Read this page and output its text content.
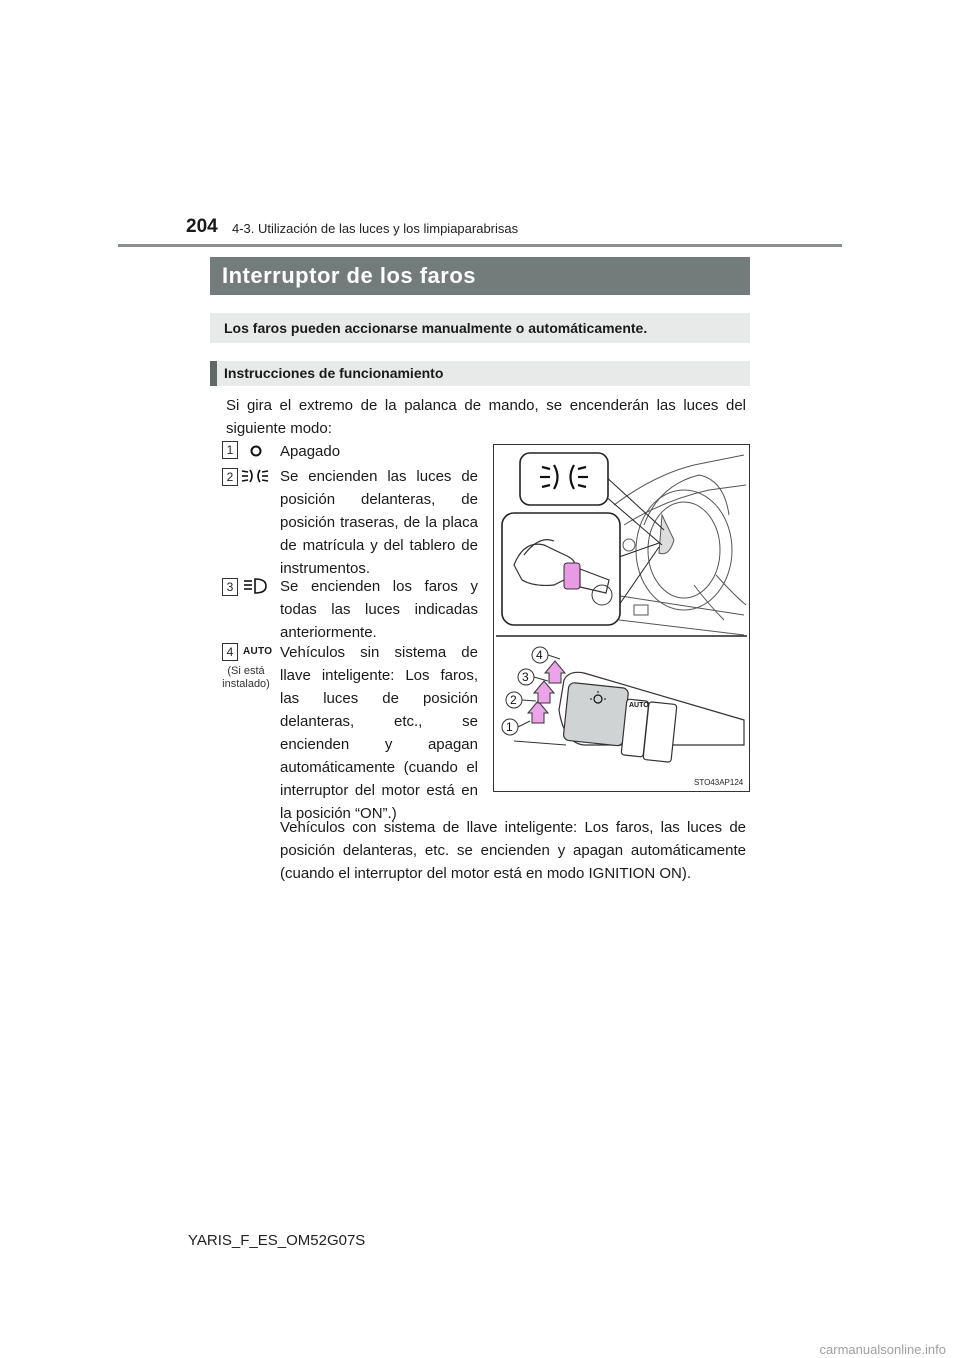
204 4-3. Utilización de las luces y los limpiaparabrisas
Interruptor de los faros
Los faros pueden accionarse manualmente o automáticamente.
Instrucciones de funcionamiento
Si gira el extremo de la palanca de mando, se encenderán las luces del siguiente modo:
1	Apagado
2	Se encienden las luces de posición delanteras, de posición traseras, de la placa de matrícula y del tablero de instrumentos.
3	Se encienden los faros y todas las luces indicadas anteriormente.
4 AUTO
(Si está instalado)
Vehículos sin sistema de llave inteligente: Los faros, las luces de posición delanteras, etc., se encienden y apagan automáticamente (cuando el interruptor del motor está en la posición “ON”.)
AUTO
1
2
3
4
STO43AP124
Vehículos con sistema de llave inteligente: Los faros, las luces de posición delanteras, etc. se encienden y apagan automáticamente (cuando el interruptor del motor está en modo IGNITION ON).
YARIS_F_ES_OM52G07S
carmanualsonline.info
